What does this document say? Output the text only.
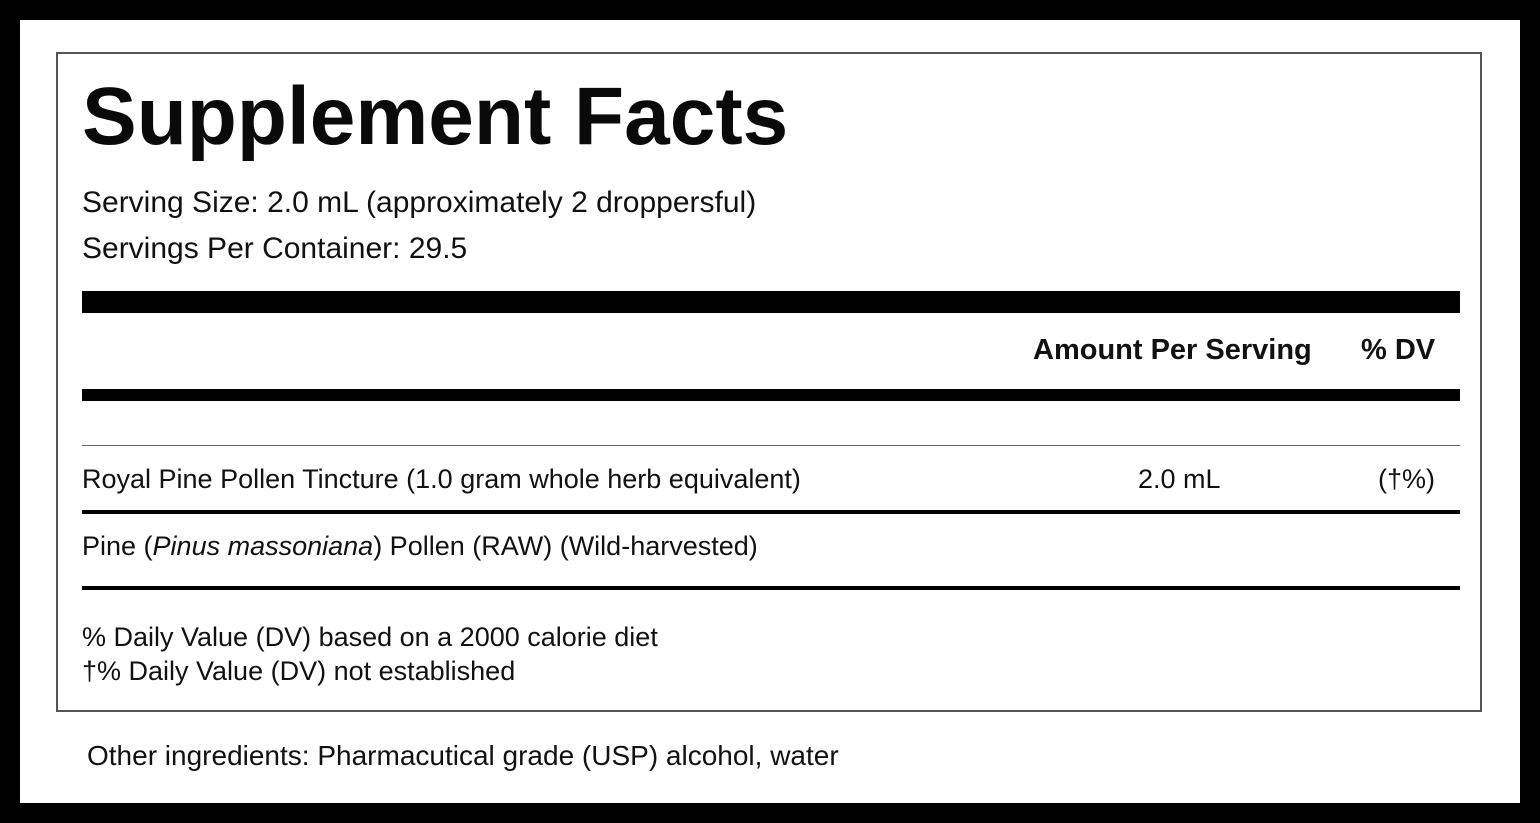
Supplement Facts
Serving Size: 2.0 mL (approximately 2 droppersful)
Servings Per Container: 29.5
Amount Per Serving % DV
Royal Pine Pollen Tincture (1.0 gram whole herb equivalent)	2.0 mL	(†%)
Pine (Pinus massoniana) Pollen (RAW) (Wild-harvested)
% Daily Value (DV) based on a 2000 calorie diet
†% Daily Value (DV) not established
Other ingredients: Pharmacutical grade (USP) alcohol, water
